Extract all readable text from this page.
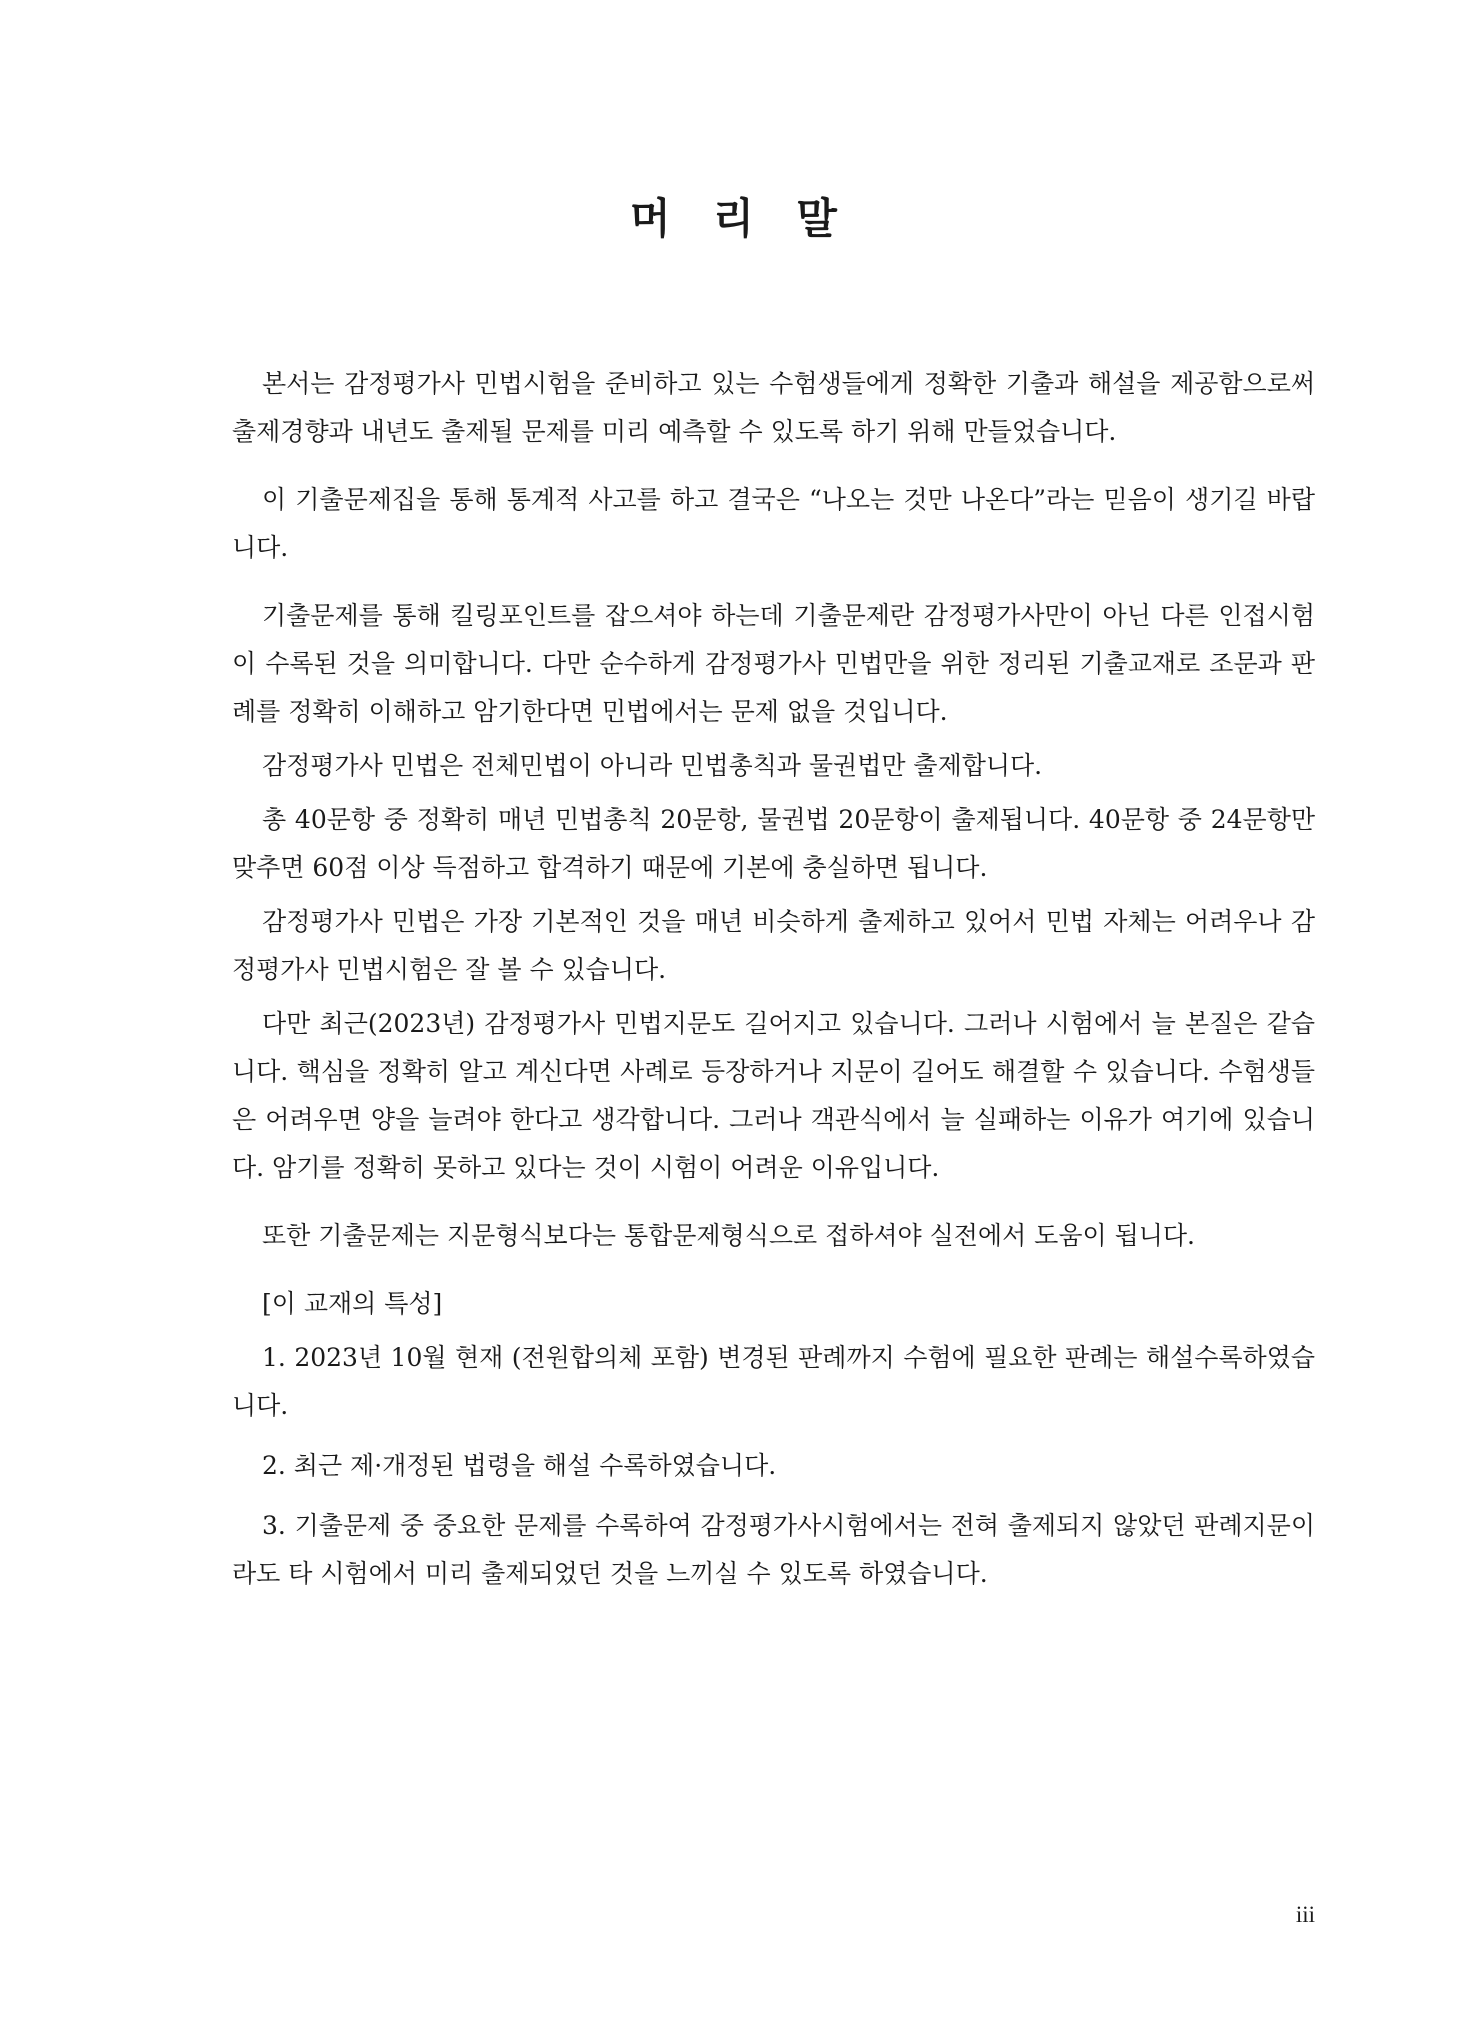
머 리 말

본서는 감정평가사 민법시험을 준비하고 있는 수험생들에게 정확한 기출과 해설을 제공함으로써 출제경향과 내년도 출제될 문제를 미리 예측할 수 있도록 하기 위해 만들었습니다.

이 기출문제집을 통해 통계적 사고를 하고 결국은 “나오는 것만 나온다”라는 믿음이 생기길 바랍니다.

기출문제를 통해 킬링포인트를 잡으셔야 하는데 기출문제란 감정평가사만이 아닌 다른 인접시험이 수록된 것을 의미합니다. 다만 순수하게 감정평가사 민법만을 위한 정리된 기출교재로 조문과 판례를 정확히 이해하고 암기한다면 민법에서는 문제 없을 것입니다.

감정평가사 민법은 전체민법이 아니라 민법총칙과 물권법만 출제합니다.

총 40문항 중 정확히 매년 민법총칙 20문항, 물권법 20문항이 출제됩니다. 40문항 중 24문항만 맞추면 60점 이상 득점하고 합격하기 때문에 기본에 충실하면 됩니다.

감정평가사 민법은 가장 기본적인 것을 매년 비슷하게 출제하고 있어서 민법 자체는 어려우나 감정평가사 민법시험은 잘 볼 수 있습니다.

다만 최근(2023년) 감정평가사 민법지문도 길어지고 있습니다. 그러나 시험에서 늘 본질은 같습니다. 핵심을 정확히 알고 계신다면 사례로 등장하거나 지문이 길어도 해결할 수 있습니다. 수험생들은 어려우면 양을 늘려야 한다고 생각합니다. 그러나 객관식에서 늘 실패하는 이유가 여기에 있습니다. 암기를 정확히 못하고 있다는 것이 시험이 어려운 이유입니다.

또한 기출문제는 지문형식보다는 통합문제형식으로 접하셔야 실전에서 도움이 됩니다.

[이 교재의 특성]

1. 2023년 10월 현재 (전원합의체 포함) 변경된 판례까지 수험에 필요한 판례는 해설수록하였습니다.

2. 최근 제·개정된 법령을 해설 수록하였습니다.

3. 기출문제 중 중요한 문제를 수록하여 감정평가사시험에서는 전혀 출제되지 않았던 판례지문이라도 타 시험에서 미리 출제되었던 것을 느끼실 수 있도록 하였습니다.

iii
